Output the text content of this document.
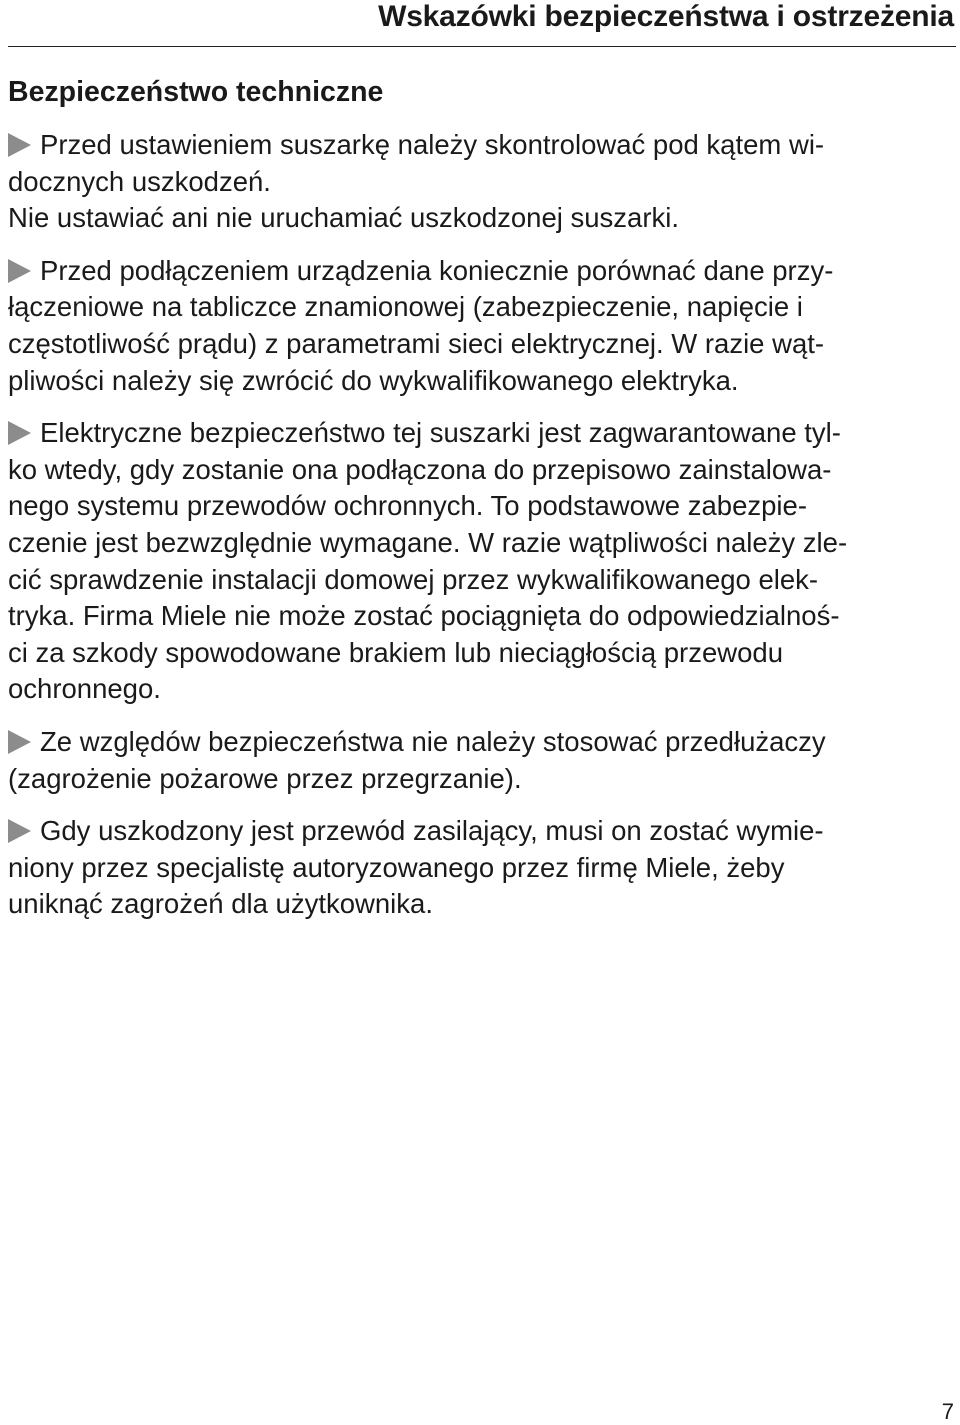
Wskazówki bezpieczeństwa i ostrzeżenia
Bezpieczeństwo techniczne
Przed ustawieniem suszarkę należy skontrolować pod kątem wi-
docznych uszkodzeń.
Nie ustawiać ani nie uruchamiać uszkodzonej suszarki.
Przed podłączeniem urządzenia koniecznie porównać dane przy-
łączeniowe na tabliczce znamionowej (zabezpieczenie, napięcie i
częstotliwość prądu) z parametrami sieci elektrycznej. W razie wąt-
pliwości należy się zwrócić do wykwalifikowanego elektryka.
Elektryczne bezpieczeństwo tej suszarki jest zagwarantowane tyl-
ko wtedy, gdy zostanie ona podłączona do przepisowo zainstalowa-
nego systemu przewodów ochronnych. To podstawowe zabezpie-
czenie jest bezwzględnie wymagane. W razie wątpliwości należy zle-
cić sprawdzenie instalacji domowej przez wykwalifikowanego elek-
tryka. Firma Miele nie może zostać pociągnięta do odpowiedzialnoś-
ci za szkody spowodowane brakiem lub nieciągłością przewodu
ochronnego.
Ze względów bezpieczeństwa nie należy stosować przedłużaczy
(zagrożenie pożarowe przez przegrzanie).
Gdy uszkodzony jest przewód zasilający, musi on zostać wymie-
niony przez specjalistę autoryzowanego przez firmę Miele, żeby
uniknąć zagrożeń dla użytkownika.
7
